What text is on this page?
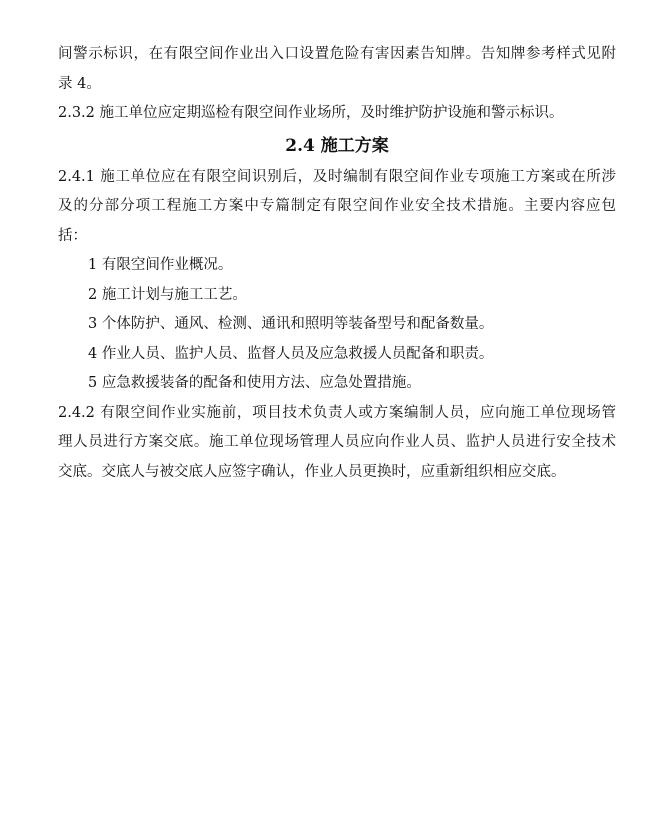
间警示标识，在有限空间作业出入口设置危险有害因素告知牌。告知牌参考样式见附
录 4。
2.3.2 施工单位应定期巡检有限空间作业场所，及时维护防护设施和警示标识。
2.4 施工方案
2.4.1 施工单位应在有限空间识别后，及时编制有限空间作业专项施工方案或在所涉
及的分部分项工程施工方案中专篇制定有限空间作业安全技术措施。主要内容应包
括：
1 有限空间作业概况。
2 施工计划与施工工艺。
3 个体防护、通风、检测、通讯和照明等装备型号和配备数量。
4 作业人员、监护人员、监督人员及应急救援人员配备和职责。
5 应急救援装备的配备和使用方法、应急处置措施。
2.4.2 有限空间作业实施前，项目技术负责人或方案编制人员，应向施工单位现场管
理人员进行方案交底。施工单位现场管理人员应向作业人员、监护人员进行安全技术
交底。交底人与被交底人应签字确认，作业人员更换时，应重新组织相应交底。
